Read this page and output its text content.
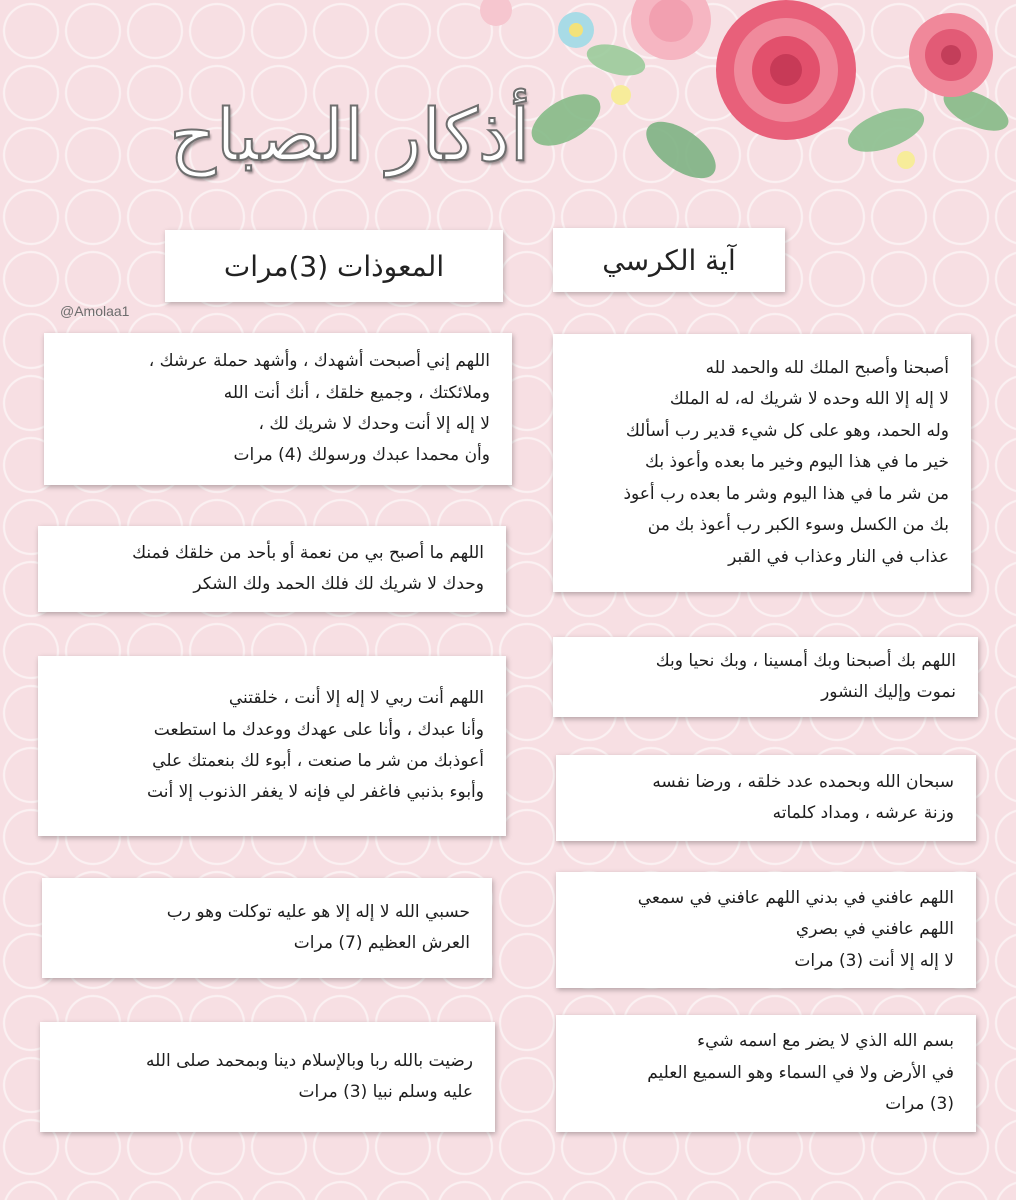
أذكار الصباح
آية الكرسي
المعوذات (3)مرات
@Amolaa1
أصبحنا وأصبح الملك لله والحمد لله
لا إله إلا الله وحده لا شريك له، له الملك
وله الحمد، وهو على كل شيء قدير رب أسألك
خير ما في هذا اليوم وخير ما بعده وأعوذ بك
من شر ما في هذا اليوم وشر ما بعده رب أعوذ
بك من الكسل وسوء الكبر رب أعوذ بك من
عذاب في النار وعذاب في القبر
اللهم بك أصبحنا وبك أمسينا ، وبك نحيا وبك
نموت وإليك النشور
سبحان الله وبحمده عدد خلقه ، ورضا نفسه
وزنة عرشه ، ومداد كلماته
اللهم عافني في بدني اللهم عافني في سمعي
اللهم عافني في بصري
لا إله إلا أنت (3) مرات
بسم الله الذي لا يضر مع اسمه شيء
في الأرض ولا في السماء وهو السميع العليم
(3) مرات
اللهم إني أصبحت أشهدك ، وأشهد حملة عرشك ،
وملائكتك ، وجميع خلقك ، أنك أنت الله
لا إله إلا أنت وحدك لا شريك لك ،
وأن محمدا عبدك ورسولك (4) مرات
اللهم ما أصبح بي من نعمة أو بأحد من خلقك فمنك
وحدك لا شريك لك فلك الحمد ولك الشكر
اللهم أنت ربي لا إله إلا أنت ، خلقتني
وأنا عبدك ، وأنا على عهدك ووعدك ما استطعت
أعوذبك من شر ما صنعت ، أبوء لك بنعمتك علي
وأبوء بذنبي فاغفر لي فإنه لا يغفر الذنوب إلا أنت
حسبي الله لا إله إلا هو عليه توكلت وهو رب
العرش العظيم (7) مرات
رضيت بالله ربا وبالإسلام دينا وبمحمد صلى الله
عليه وسلم نبيا (3) مرات
